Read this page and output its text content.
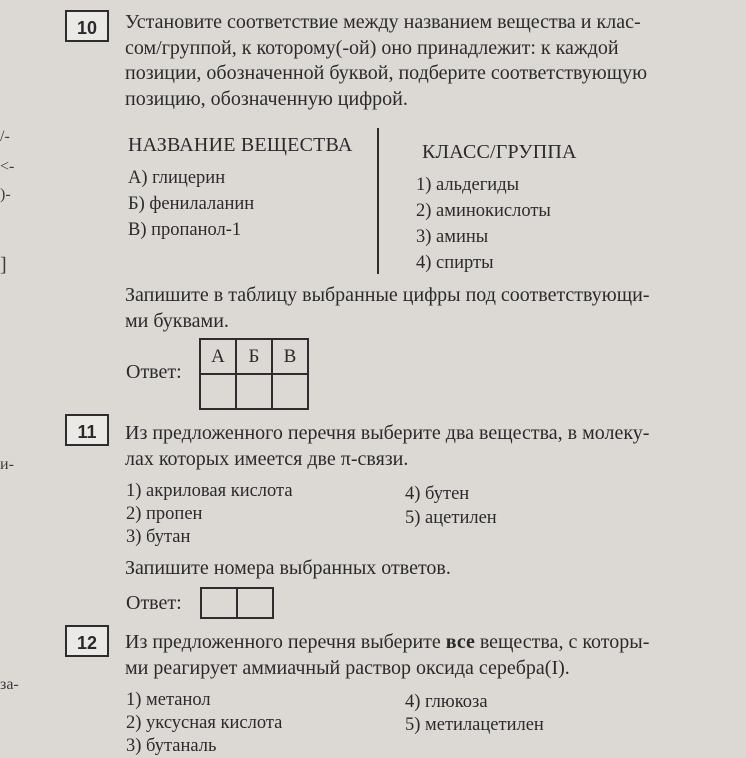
/-
<-
)-
]
и-
за-
10	Установите соответствие между названием вещества и клас-
сом/группой, к которому(-ой) оно принадлежит: к каждой
позиции, обозначенной буквой, подберите соответствующую
позицию, обозначенную цифрой.
НАЗВАНИЕ ВЕЩЕСТВА	КЛАСС/ГРУППА
А) глицерин
Б) фенилаланин
В) пропанол-1
1) альдегиды
2) аминокислоты
3) амины
4) спирты
Запишите в таблицу выбранные цифры под соответствующи-
ми буквами.
Ответ:
А	Б	В

11	Из предложенного перечня выберите два вещества, в молеку-
лах которых имеется две π-связи.
1) акриловая кислота
2) пропен
3) бутан
4) бутен
5) ацетилен
Запишите номера выбранных ответов.
Ответ:
12	Из предложенного перечня выберите все вещества, с которы-
ми реагирует аммиачный раствор оксида серебра(I).
1) метанол
2) уксусная кислота
3) бутаналь
4) глюкоза
5) метилацетилен
